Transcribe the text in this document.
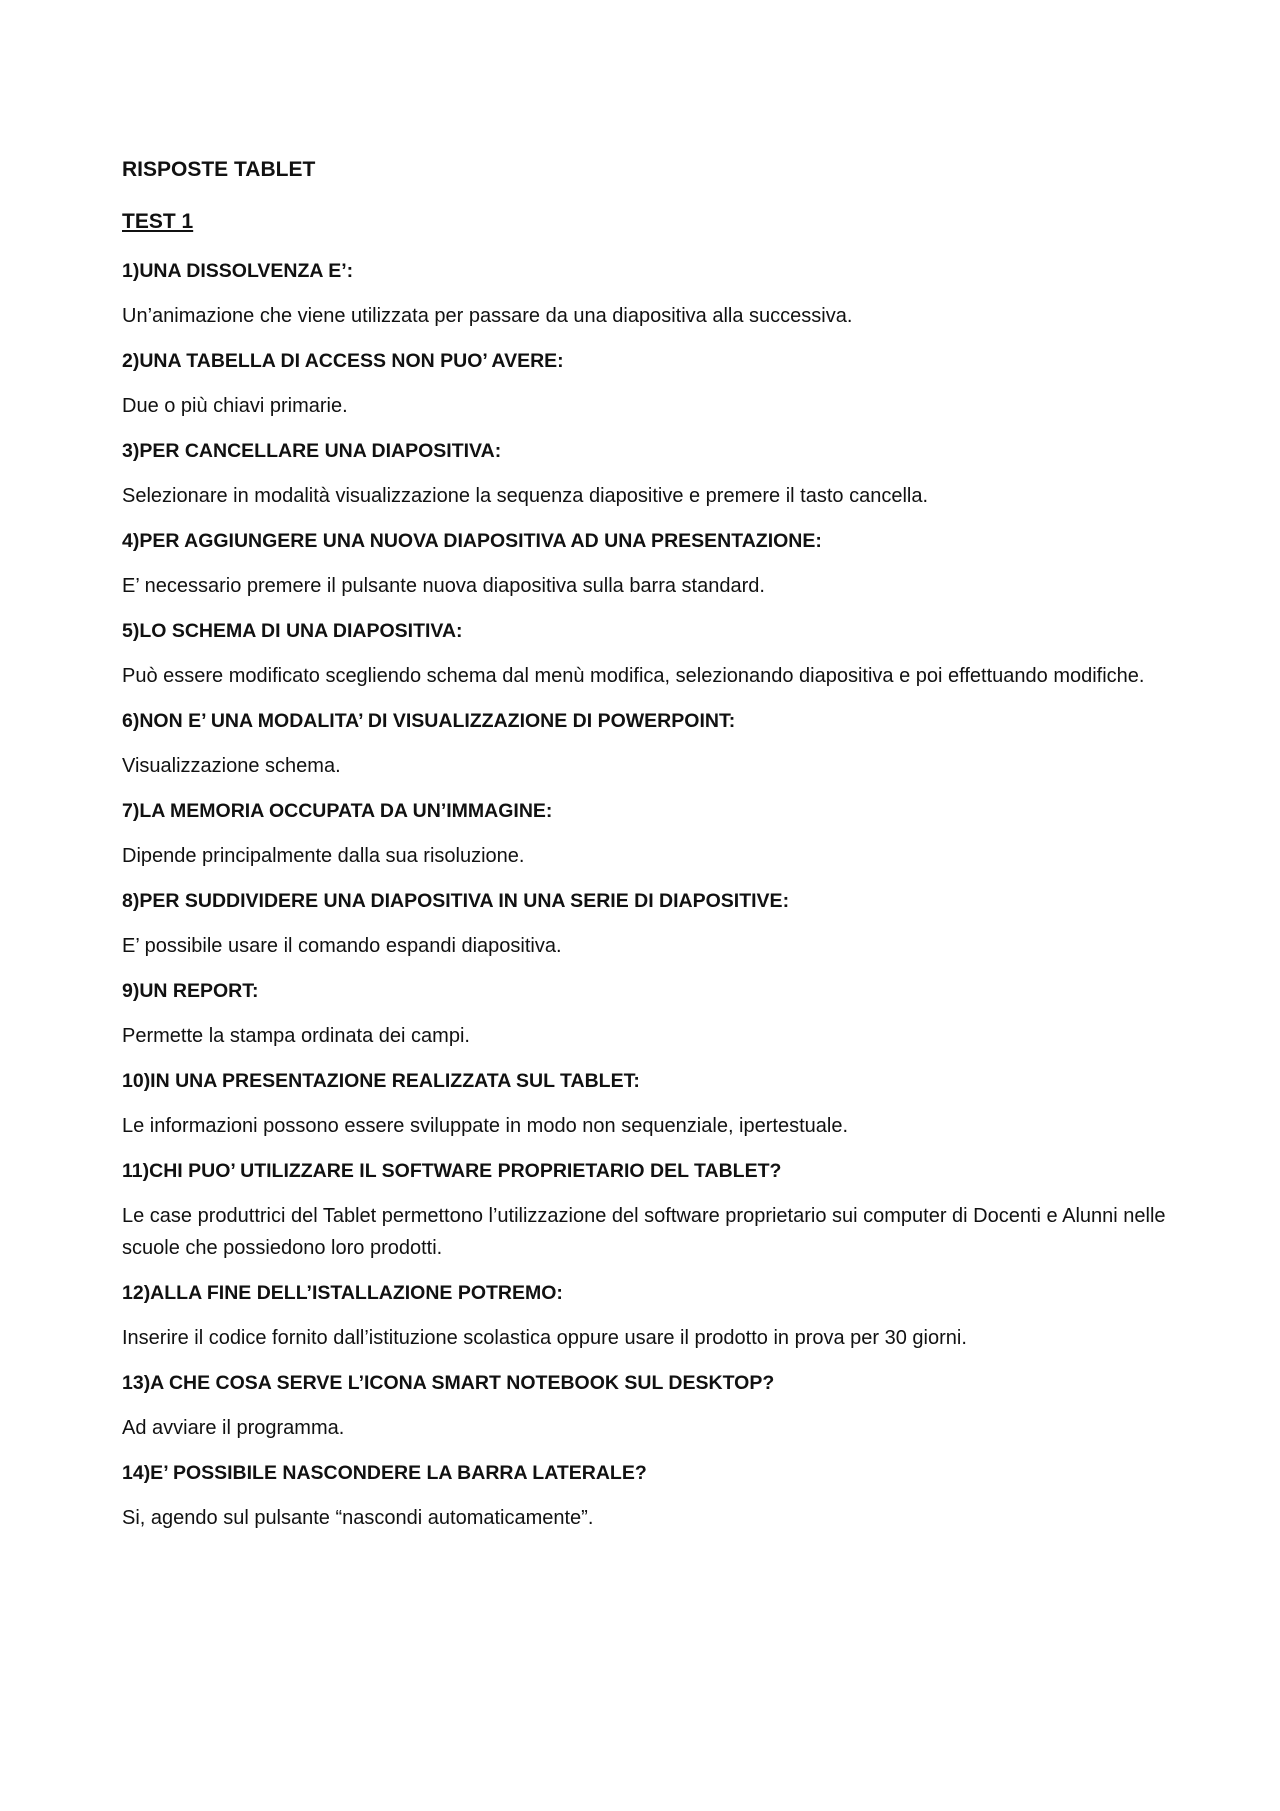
RISPOSTE TABLET
TEST 1

1)UNA DISSOLVENZA E’:

Un’animazione che viene utilizzata per passare da una diapositiva alla successiva.

2)UNA TABELLA DI ACCESS NON PUO’ AVERE:

Due o più chiavi primarie.

3)PER CANCELLARE UNA DIAPOSITIVA:

Selezionare in modalità visualizzazione la sequenza diapositive e premere il tasto cancella.

4)PER AGGIUNGERE UNA NUOVA DIAPOSITIVA AD UNA PRESENTAZIONE:

E’ necessario premere il pulsante nuova diapositiva sulla barra standard.

5)LO SCHEMA DI UNA DIAPOSITIVA:

Può essere modificato scegliendo schema dal menù modifica, selezionando diapositiva e poi effettuando modifiche.

6)NON E’ UNA MODALITA’ DI VISUALIZZAZIONE DI POWERPOINT:

Visualizzazione schema.

7)LA MEMORIA OCCUPATA DA UN’IMMAGINE:

Dipende principalmente dalla sua risoluzione.

8)PER SUDDIVIDERE UNA DIAPOSITIVA IN UNA SERIE DI DIAPOSITIVE:

E’ possibile usare il comando espandi diapositiva.

9)UN REPORT:

Permette la stampa ordinata dei campi.

10)IN UNA PRESENTAZIONE REALIZZATA SUL TABLET:

Le informazioni possono essere sviluppate in modo non sequenziale, ipertestuale.

11)CHI PUO’ UTILIZZARE IL SOFTWARE PROPRIETARIO DEL TABLET?

Le case produttrici del Tablet permettono l’utilizzazione del software proprietario sui computer di Docenti e Alunni nelle scuole che possiedono loro prodotti.

12)ALLA FINE DELL’ISTALLAZIONE POTREMO:

Inserire il codice fornito dall’istituzione scolastica oppure usare il prodotto in prova per 30 giorni.

13)A CHE COSA SERVE L’ICONA SMART NOTEBOOK SUL DESKTOP?

Ad avviare il programma.

14)E’ POSSIBILE NASCONDERE LA BARRA LATERALE?

Si, agendo sul pulsante “nascondi automaticamente”.
